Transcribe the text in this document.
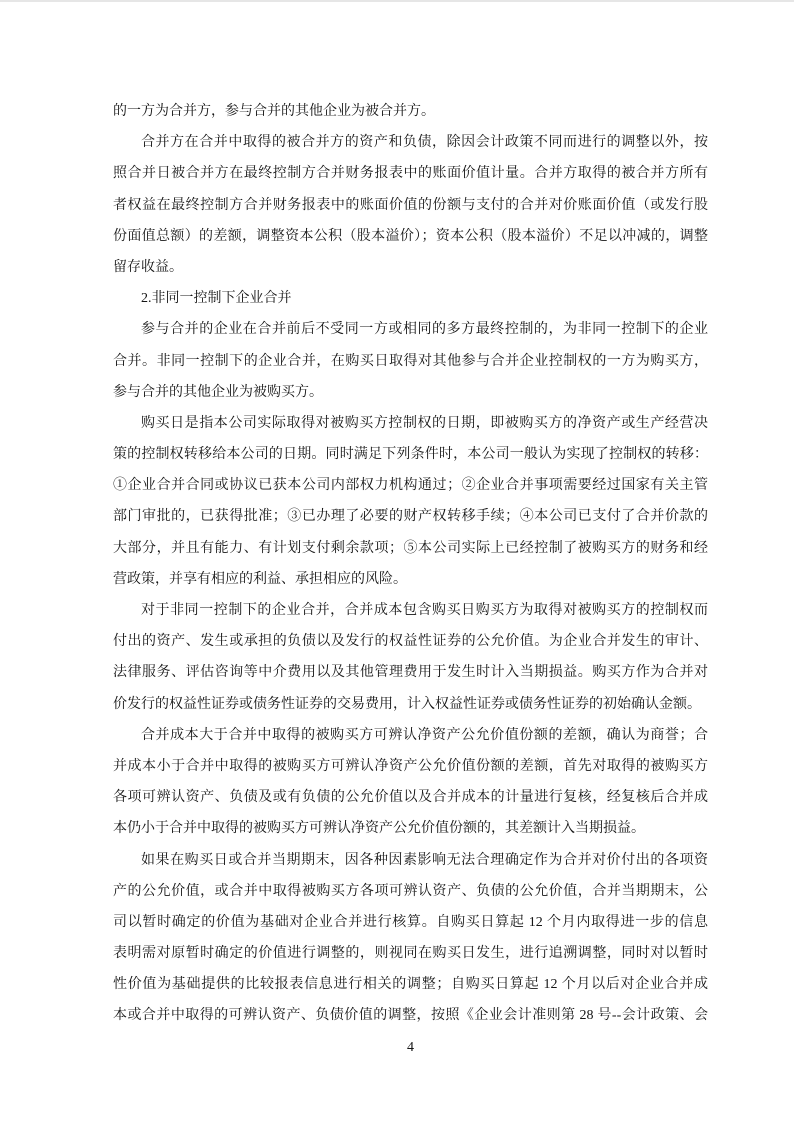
的一方为合并方，参与合并的其他企业为被合并方。
合并方在合并中取得的被合并方的资产和负债，除因会计政策不同而进行的调整以外，按
照合并日被合并方在最终控制方合并财务报表中的账面价值计量。合并方取得的被合并方所有
者权益在最终控制方合并财务报表中的账面价值的份额与支付的合并对价账面价值（或发行股
份面值总额）的差额，调整资本公积（股本溢价）；资本公积（股本溢价）不足以冲减的，调整
留存收益。
2.非同一控制下企业合并
参与合并的企业在合并前后不受同一方或相同的多方最终控制的，为非同一控制下的企业
合并。非同一控制下的企业合并，在购买日取得对其他参与合并企业控制权的一方为购买方，
参与合并的其他企业为被购买方。
购买日是指本公司实际取得对被购买方控制权的日期，即被购买方的净资产或生产经营决
策的控制权转移给本公司的日期。同时满足下列条件时，本公司一般认为实现了控制权的转移：
①企业合并合同或协议已获本公司内部权力机构通过；②企业合并事项需要经过国家有关主管
部门审批的，已获得批准；③已办理了必要的财产权转移手续；④本公司已支付了合并价款的
大部分，并且有能力、有计划支付剩余款项；⑤本公司实际上已经控制了被购买方的财务和经
营政策，并享有相应的利益、承担相应的风险。
对于非同一控制下的企业合并，合并成本包含购买日购买方为取得对被购买方的控制权而
付出的资产、发生或承担的负债以及发行的权益性证券的公允价值。为企业合并发生的审计、
法律服务、评估咨询等中介费用以及其他管理费用于发生时计入当期损益。购买方作为合并对
价发行的权益性证券或债务性证券的交易费用，计入权益性证券或债务性证券的初始确认金额。
合并成本大于合并中取得的被购买方可辨认净资产公允价值份额的差额，确认为商誉；合
并成本小于合并中取得的被购买方可辨认净资产公允价值份额的差额，首先对取得的被购买方
各项可辨认资产、负债及或有负债的公允价值以及合并成本的计量进行复核，经复核后合并成
本仍小于合并中取得的被购买方可辨认净资产公允价值份额的，其差额计入当期损益。
如果在购买日或合并当期期末，因各种因素影响无法合理确定作为合并对价付出的各项资
产的公允价值，或合并中取得被购买方各项可辨认资产、负债的公允价值，合并当期期末，公
司以暂时确定的价值为基础对企业合并进行核算。自购买日算起 12 个月内取得进一步的信息
表明需对原暂时确定的价值进行调整的，则视同在购买日发生，进行追溯调整，同时对以暂时
性价值为基础提供的比较报表信息进行相关的调整；自购买日算起 12 个月以后对企业合并成
本或合并中取得的可辨认资产、负债价值的调整，按照《企业会计准则第 28 号--会计政策、会
4
